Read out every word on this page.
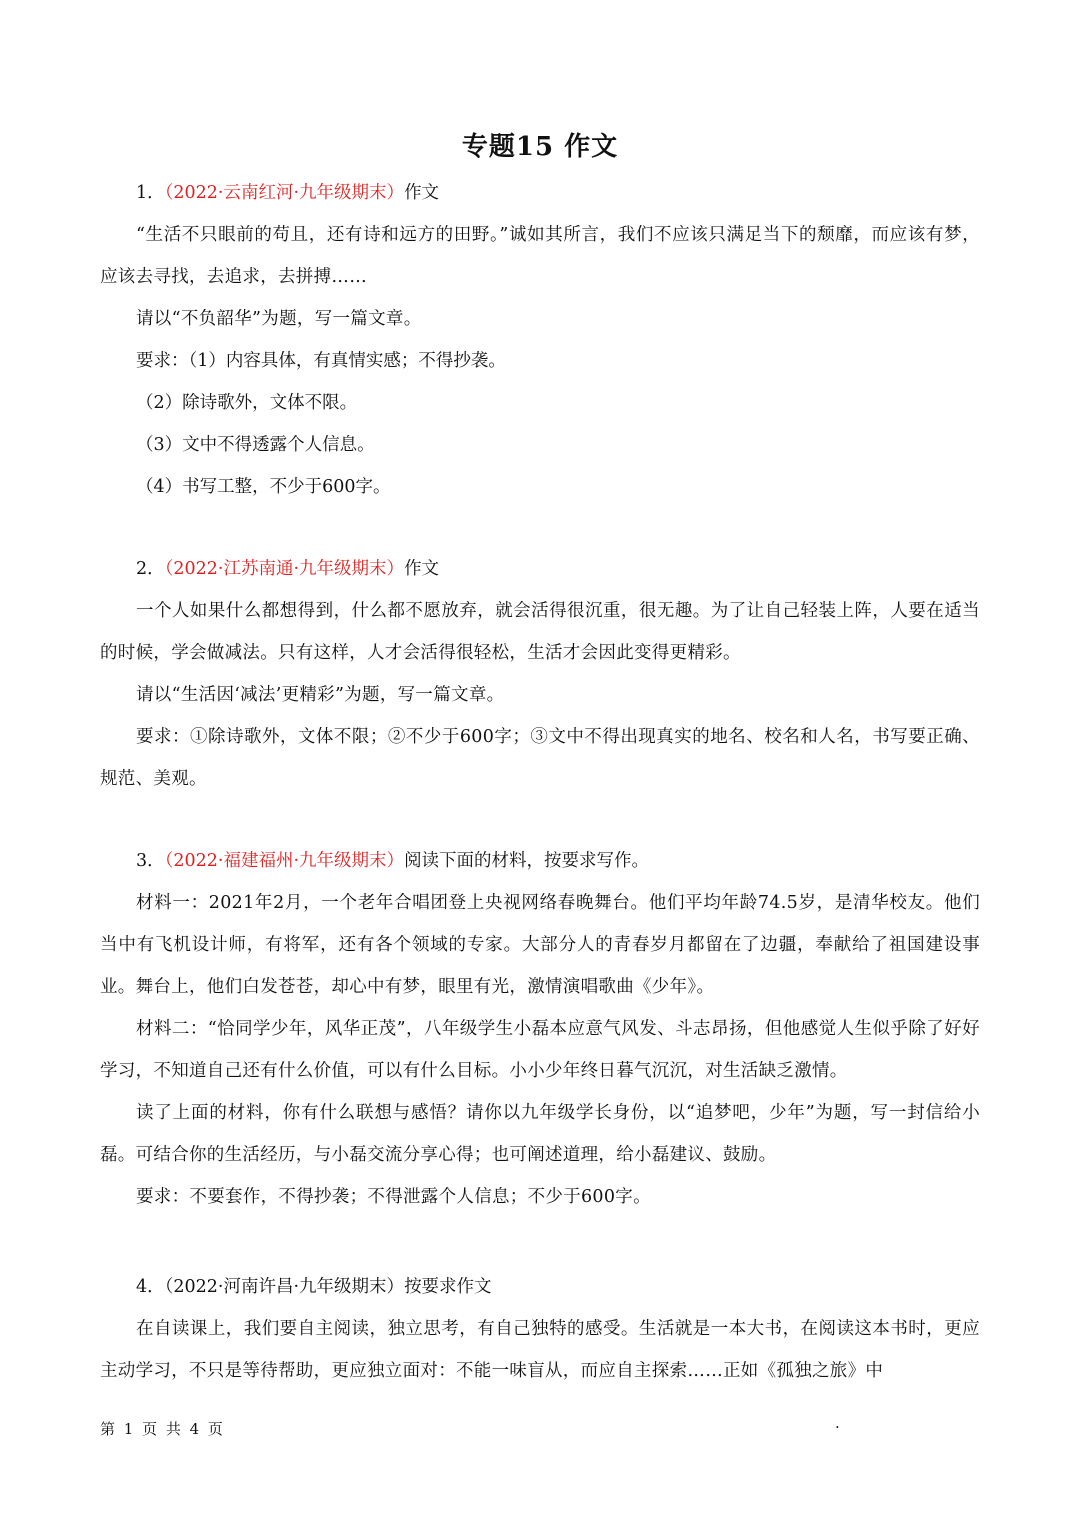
专题15 作文
1．（2022·云南红河·九年级期末）作文

“生活不只眼前的苟且，还有诗和远方的田野。”诚如其所言，我们不应该只满足当下的颓靡，而应该有梦，应该去寻找，去追求，去拼搏……

请以“不负韶华”为题，写一篇文章。

要求：（1）内容具体，有真情实感；不得抄袭。

（2）除诗歌外，文体不限。

（3）文中不得透露个人信息。

（4）书写工整，不少于600字。

2．（2022·江苏南通·九年级期末）作文

一个人如果什么都想得到，什么都不愿放弃，就会活得很沉重，很无趣。为了让自己轻装上阵，人要在适当的时候，学会做减法。只有这样，人才会活得很轻松，生活才会因此变得更精彩。

请以“生活因‘减法’更精彩”为题，写一篇文章。

要求：①除诗歌外，文体不限；②不少于600字；③文中不得出现真实的地名、校名和人名，书写要正确、规范、美观。

3．（2022·福建福州·九年级期末）阅读下面的材料，按要求写作。

材料一：2021年2月，一个老年合唱团登上央视网络春晚舞台。他们平均年龄74.5岁，是清华校友。他们当中有飞机设计师，有将军，还有各个领域的专家。大部分人的青春岁月都留在了边疆，奉献给了祖国建设事业。舞台上，他们白发苍苍，却心中有梦，眼里有光，激情演唱歌曲《少年》。

材料二：“恰同学少年，风华正茂”，八年级学生小磊本应意气风发、斗志昂扬，但他感觉人生似乎除了好好学习，不知道自己还有什么价值，可以有什么目标。小小少年终日暮气沉沉，对生活缺乏激情。

读了上面的材料，你有什么联想与感悟？请你以九年级学长身份，以“追梦吧，少年”为题，写一封信给小磊。可结合你的生活经历，与小磊交流分享心得；也可阐述道理，给小磊建议、鼓励。

要求：不要套作，不得抄袭；不得泄露个人信息；不少于600字。

4．（2022·河南许昌·九年级期末）按要求作文

在自读课上，我们要自主阅读，独立思考，有自己独特的感受。生活就是一本大书，在阅读这本书时，更应主动学习，不只是等待帮助，更应独立面对：不能一味盲从，而应自主探索……正如《孤独之旅》中

第 1 页 共 4 页	.
